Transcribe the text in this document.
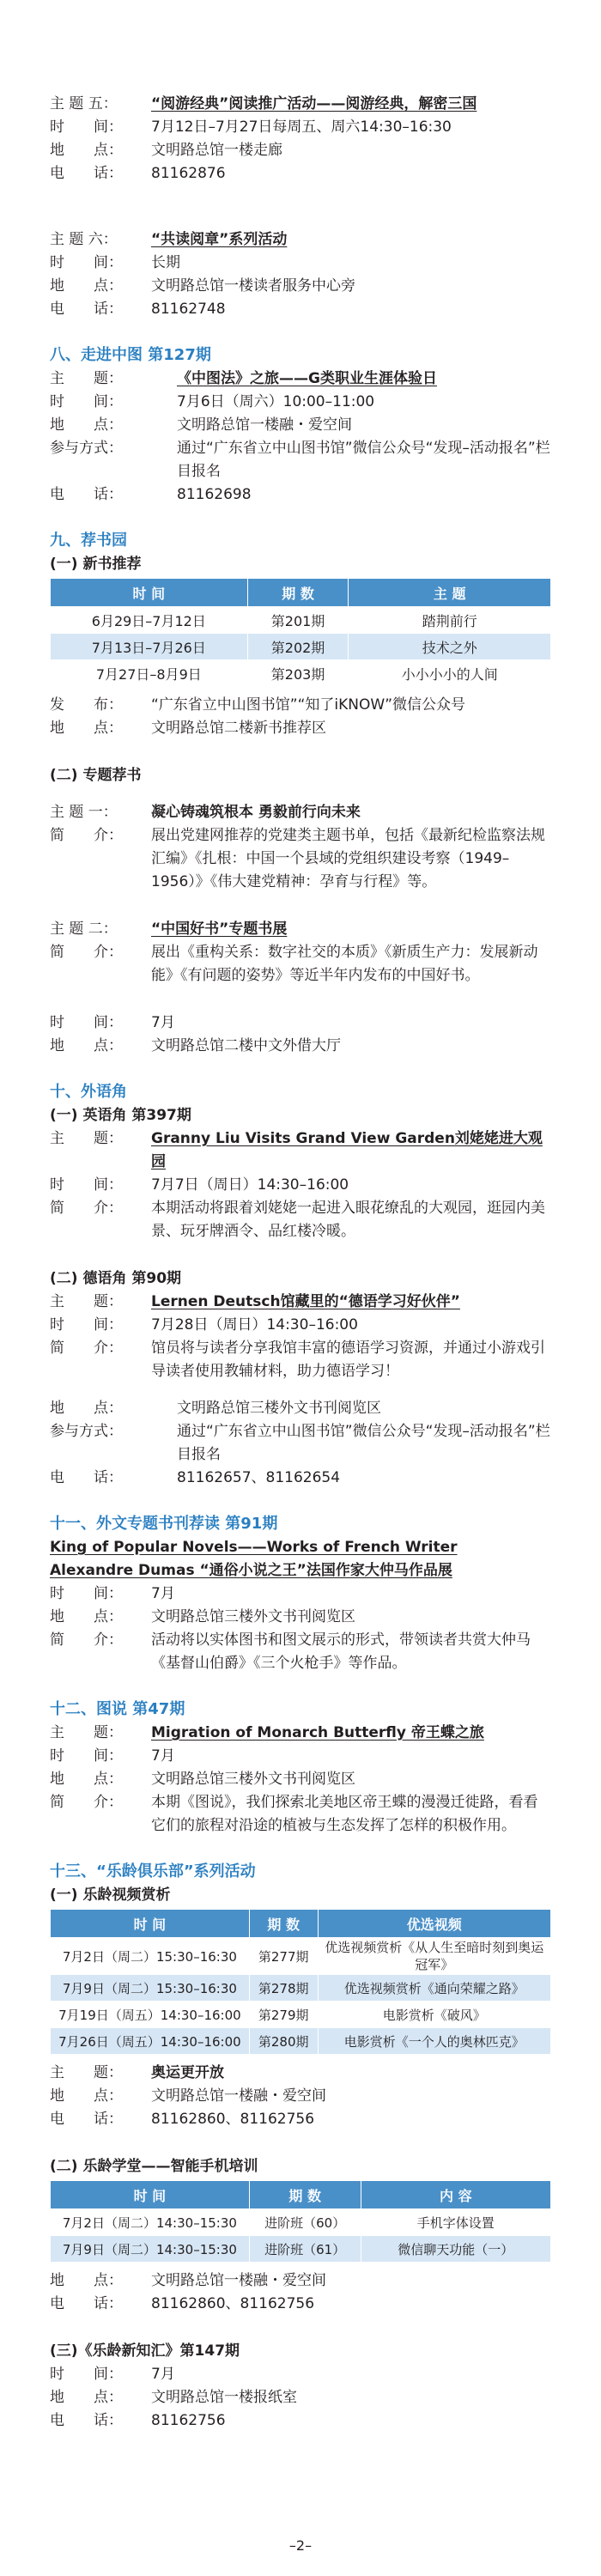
主 题 五：	“阅游经典”阅读推广活动——阅游经典，解密三国
时　　间：	7月12日–7月27日每周五、周六14:30–16:30
地　　点：	文明路总馆一楼走廊
电　　话：	81162876
主 题 六：	“共读阅章”系列活动
时　　间：	长期
地　　点：	文明路总馆一楼读者服务中心旁
电　　话：	81162748
八、走进中图 第127期
主　　题：	《中图法》之旅——G类职业生涯体验日
时　　间：	7月6日（周六）10:00–11:00
地　　点：	文明路总馆一楼融・爱空间
参与方式：	通过“广东省立中山图书馆”微信公众号“发现–活动报名”栏目报名
电　　话：	81162698
九、荐书园
(一) 新书推荐
时 间	期 数	主 题
6月29日–7月12日	第201期	踏荆前行
7月13日–7月26日	第202期	技术之外
7月27日–8月9日	第203期	小小小小的人间
发　　布：	“广东省立中山图书馆”“知了iKNOW”微信公众号
地　　点：	文明路总馆二楼新书推荐区
(二) 专题荐书
主 题 一：	凝心铸魂筑根本 勇毅前行向未来
简　　介：	展出党建网推荐的党建类主题书单，包括《最新纪检监察法规汇编》《扎根：中国一个县域的党组织建设考察（1949–1956）》《伟大建党精神：孕育与行程》等。
主 题 二：	“中国好书”专题书展
简　　介：	展出《重构关系：数字社交的本质》《新质生产力：发展新动能》《有问题的姿势》等近半年内发布的中国好书。
时　　间：	7月
地　　点：	文明路总馆二楼中文外借大厅
十、外语角
(一) 英语角 第397期
主　　题：	Granny Liu Visits Grand View Garden刘姥姥进大观园
时　　间：	7月7日（周日）14:30–16:00
简　　介：	本期活动将跟着刘姥姥一起进入眼花缭乱的大观园，逛园内美景、玩牙牌酒令、品红楼冷暖。
(二) 德语角 第90期
主　　题：	Lernen Deutsch馆藏里的“德语学习好伙伴”
时　　间：	7月28日（周日）14:30–16:00
简　　介：	馆员将与读者分享我馆丰富的德语学习资源，并通过小游戏引导读者使用教辅材料，助力德语学习！
地　　点：	文明路总馆三楼外文书刊阅览区
参与方式：	通过“广东省立中山图书馆”微信公众号“发现–活动报名”栏目报名
电　　话：	81162657、81162654
十一、外文专题书刊荐读 第91期
King of Popular Novels——Works of French Writer
Alexandre Dumas “通俗小说之王”法国作家大仲马作品展
时　　间：	7月
地　　点：	文明路总馆三楼外文书刊阅览区
简　　介：	活动将以实体图书和图文展示的形式，带领读者共赏大仲马《基督山伯爵》《三个火枪手》等作品。
十二、图说 第47期
主　　题：	Migration of Monarch Butterfly 帝王蝶之旅
时　　间：	7月
地　　点：	文明路总馆三楼外文书刊阅览区
简　　介：	本期《图说》，我们探索北美地区帝王蝶的漫漫迁徙路，看看它们的旅程对沿途的植被与生态发挥了怎样的积极作用。
十三、“乐龄俱乐部”系列活动
(一) 乐龄视频赏析
时 间	期 数	优选视频
7月2日（周二）15:30–16:30	第277期	优选视频赏析《从人生至暗时刻到奥运冠军》
7月9日（周二）15:30–16:30	第278期	优选视频赏析《通向荣耀之路》
7月19日（周五）14:30–16:00	第279期	电影赏析《破风》
7月26日（周五）14:30–16:00	第280期	电影赏析《一个人的奥林匹克》
主　　题：	奥运更开放
地　　点：	文明路总馆一楼融・爱空间
电　　话：	81162860、81162756
(二) 乐龄学堂——智能手机培训
时 间	期 数	内 容
7月2日（周二）14:30–15:30	进阶班（60）	手机字体设置
7月9日（周二）14:30–15:30	进阶班（61）	微信聊天功能（一）
地　　点：	文明路总馆一楼融・爱空间
电　　话：	81162860、81162756
(三)《乐龄新知汇》第147期
时　　间：	7月
地　　点：	文明路总馆一楼报纸室
电　　话：	81162756
–2–
